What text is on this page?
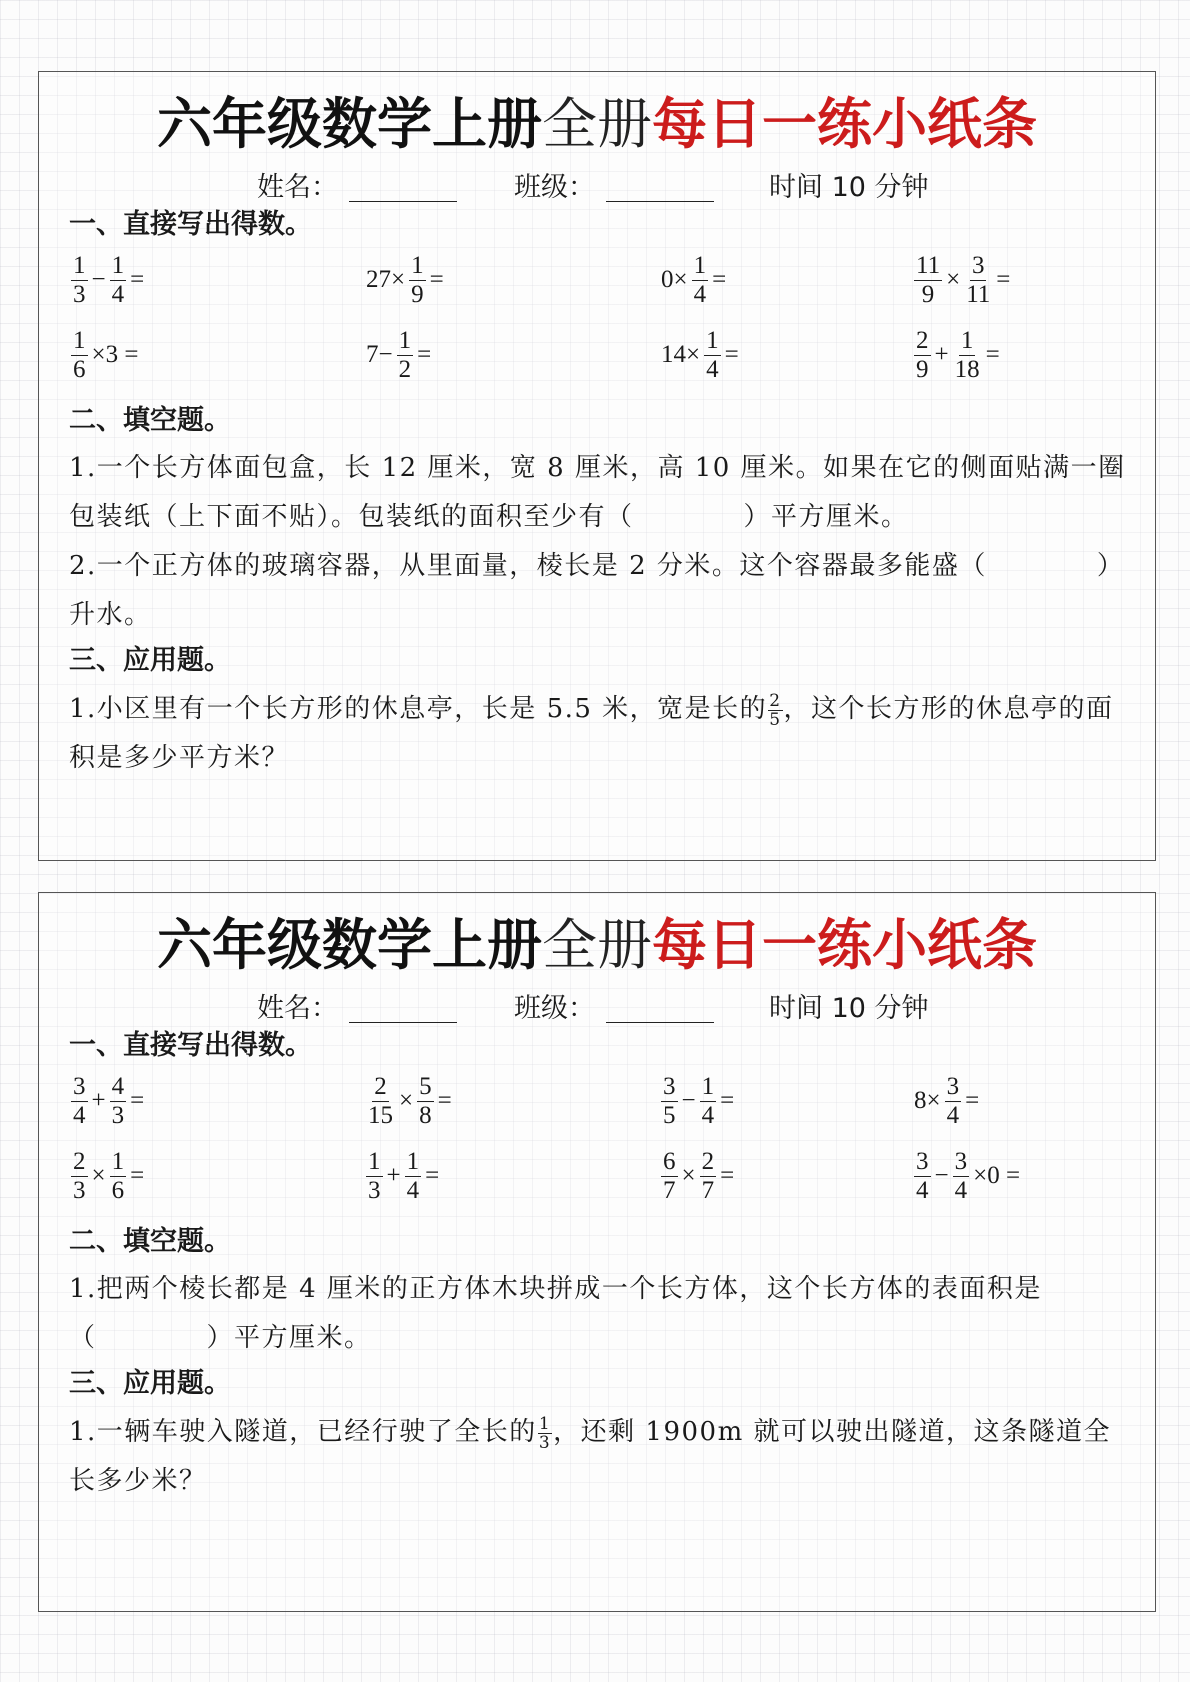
六年级数学上册全册每日一练小纸条
姓名：	班级：	时间 10 分钟
一、直接写出得数。
$\frac{1}{3} - \frac{1}{4}$ =	$27\times \frac{1}{9}$ =	$0\times \frac{1}{4}$ =	$\frac{11}{9} \times \frac{3}{11}$ =
$\frac{1}{6} \times 3$ =	$7- \frac{1}{2}$ =	$14\times \frac{1}{4}$ =	$\frac{2}{9} + \frac{1}{18}$ =
二、填空题。
1.一个长方体面包盒，长 12 厘米，宽 8 厘米，高 10 厘米。如果在它的侧面贴满一圈包装纸（上下面不贴）。包装纸的面积至少有（　　　　）平方厘米。
2.一个正方体的玻璃容器，从里面量，棱长是 2 分米。这个容器最多能盛（　　　　）升水。
三、应用题。
1.小区里有一个长方形的休息亭，长是 5.5 米，宽是长的 $\frac{2}{5}$ ，这个长方形的休息亭的面积是多少平方米？
六年级数学上册全册每日一练小纸条
姓名：	班级：	时间 10 分钟
一、直接写出得数。
$\frac{3}{4} + \frac{4}{3}$ =	$\frac{2}{15} \times \frac{5}{8}$ =	$\frac{3}{5} - \frac{1}{4}$ =	$8\times \frac{3}{4}$ =
$\frac{2}{3} \times \frac{1}{6}$ =	$\frac{1}{3} + \frac{1}{4}$ =	$\frac{6}{7} \times \frac{2}{7}$ =	$\frac{3}{4} - \frac{3}{4} \times 0$ =
二、填空题。
1.把两个棱长都是 4 厘米的正方体木块拼成一个长方体，这个长方体的表面积是（　　　　）平方厘米。
三、应用题。
1.一辆车驶入隧道，已经行驶了全长的 $\frac{1}{3}$ ，还剩 1900m 就可以驶出隧道，这条隧道全长多少米？
